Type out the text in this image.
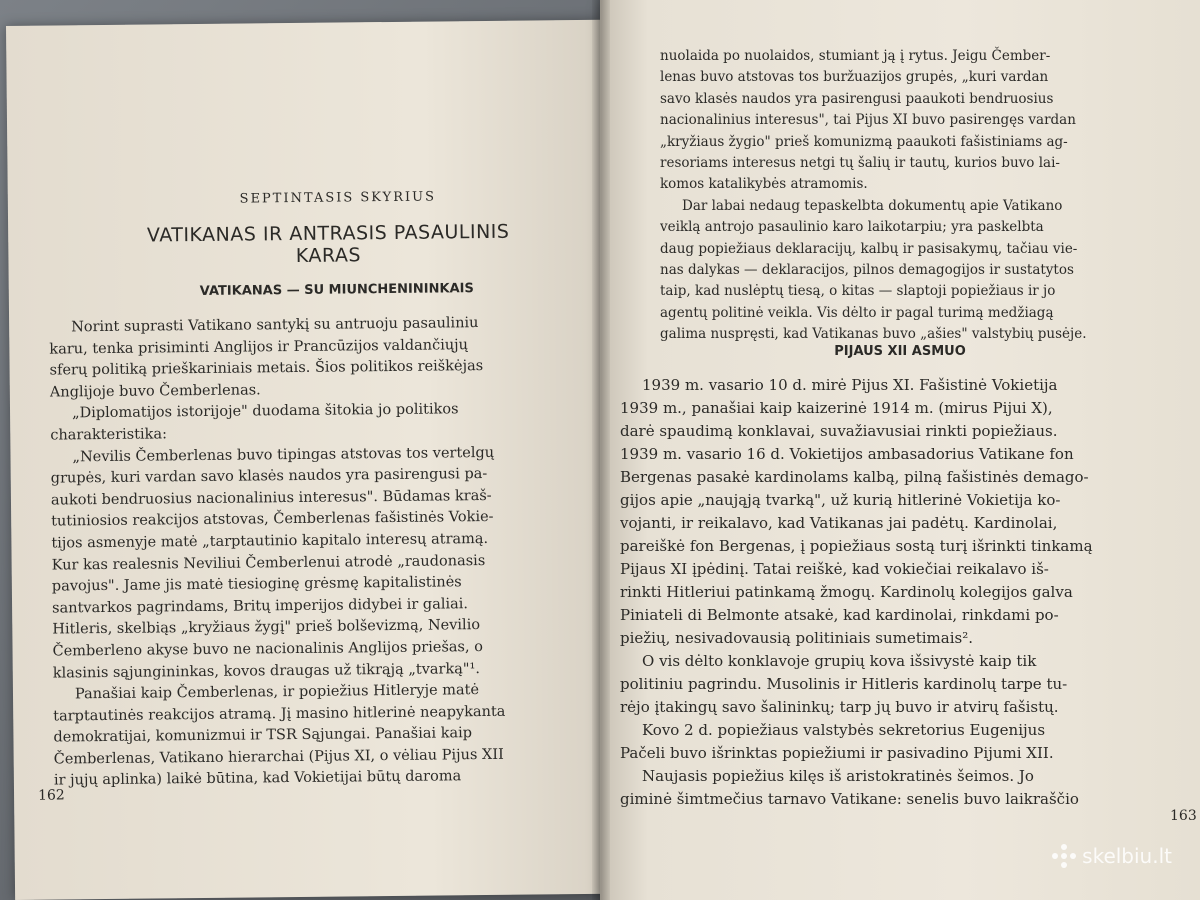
SEPTINTASIS SKYRIUS
VATIKANAS IR ANTRASIS PASAULINIS
KARAS
VATIKANAS — SU MIUNCHENININKAIS
Norint suprasti Vatikano santykį su antruoju pasauliniu
karu, tenka prisiminti Anglijos ir Prancūzijos valdančiųjų
sferų politiką prieškariniais metais. Šios politikos reiškėjas
Anglijoje buvo Čemberlenas.
„Diplomatijos istorijoje" duodama šitokia jo politikos
charakteristika:
„Nevilis Čemberlenas buvo tipingas atstovas tos vertelgų
grupės, kuri vardan savo klasės naudos yra pasirengusi pa-
aukoti bendruosius nacionalinius interesus". Būdamas kraš-
tutiniosios reakcijos atstovas, Čemberlenas fašistinės Vokie-
tijos asmenyje matė „tarptautinio kapitalo interesų atramą.
Kur kas realesnis Neviliui Čemberlenui atrodė „raudonasis
pavojus". Jame jis matė tiesioginę grėsmę kapitalistinės
santvarkos pagrindams, Britų imperijos didybei ir galiai.
Hitleris, skelbiąs „kryžiaus žygį" prieš bolševizmą, Nevilio
Čemberleno akyse buvo ne nacionalinis Anglijos priešas, o
klasinis sąjungininkas, kovos draugas už tikrąją „tvarką"¹.
Panašiai kaip Čemberlenas, ir popiežius Hitleryje matė
tarptautinės reakcijos atramą. Jį masino hitlerinė neapykanta
demokratijai, komunizmui ir TSR Sąjungai. Panašiai kaip
Čemberlenas, Vatikano hierarchai (Pijus XI, o vėliau Pijus XII
ir jųjų aplinka) laikė būtina, kad Vokietijai būtų daroma
162
nuolaida po nuolaidos, stumiant ją į rytus. Jeigu Čember-
lenas buvo atstovas tos buržuazijos grupės, „kuri vardan
savo klasės naudos yra pasirengusi paaukoti bendruosius
nacionalinius interesus", tai Pijus XI buvo pasirengęs vardan
„kryžiaus žygio" prieš komunizmą paaukoti fašistiniams ag-
resoriams interesus netgi tų šalių ir tautų, kurios buvo lai-
komos katalikybės atramomis.
Dar labai nedaug tepaskelbta dokumentų apie Vatikano
veiklą antrojo pasaulinio karo laikotarpiu; yra paskelbta
daug popiežiaus deklaracijų, kalbų ir pasisakymų, tačiau vie-
nas dalykas — deklaracijos, pilnos demagogijos ir sustatytos
taip, kad nuslėptų tiesą, o kitas — slaptoji popiežiaus ir jo
agentų politinė veikla. Vis dėlto ir pagal turimą medžiagą
galima nuspręsti, kad Vatikanas buvo „ašies" valstybių pusėje.
PIJAUS XII ASMUO
1939 m. vasario 10 d. mirė Pijus XI. Fašistinė Vokietija
1939 m., panašiai kaip kaizerinė 1914 m. (mirus Pijui X),
darė spaudimą konklavai, suvažiavusiai rinkti popiežiaus.
1939 m. vasario 16 d. Vokietijos ambasadorius Vatikane fon
Bergenas pasakė kardinolams kalbą, pilną fašistinės demago-
gijos apie „naująją tvarką", už kurią hitlerinė Vokietija ko-
vojanti, ir reikalavo, kad Vatikanas jai padėtų. Kardinolai,
pareiškė fon Bergenas, į popiežiaus sostą turį išrinkti tinkamą
Pijaus XI įpėdinį. Tatai reiškė, kad vokiečiai reikalavo iš-
rinkti Hitleriui patinkamą žmogų. Kardinolų kolegijos galva
Piniateli di Belmonte atsakė, kad kardinolai, rinkdami po-
piežių, nesivadovausią politiniais sumetimais².
O vis dėlto konklavoje grupių kova išsivystė kaip tik
politiniu pagrindu. Musolinis ir Hitleris kardinolų tarpe tu-
rėjo įtakingų savo šalininkų; tarp jų buvo ir atvirų fašistų.
Kovo 2 d. popiežiaus valstybės sekretorius Eugenijus
Pačeli buvo išrinktas popiežiumi ir pasivadino Pijumi XII.
Naujasis popiežius kilęs iš aristokratinės šeimos. Jo
giminė šimtmečius tarnavo Vatikane: senelis buvo laikraščio
163
skelbiu.lt
